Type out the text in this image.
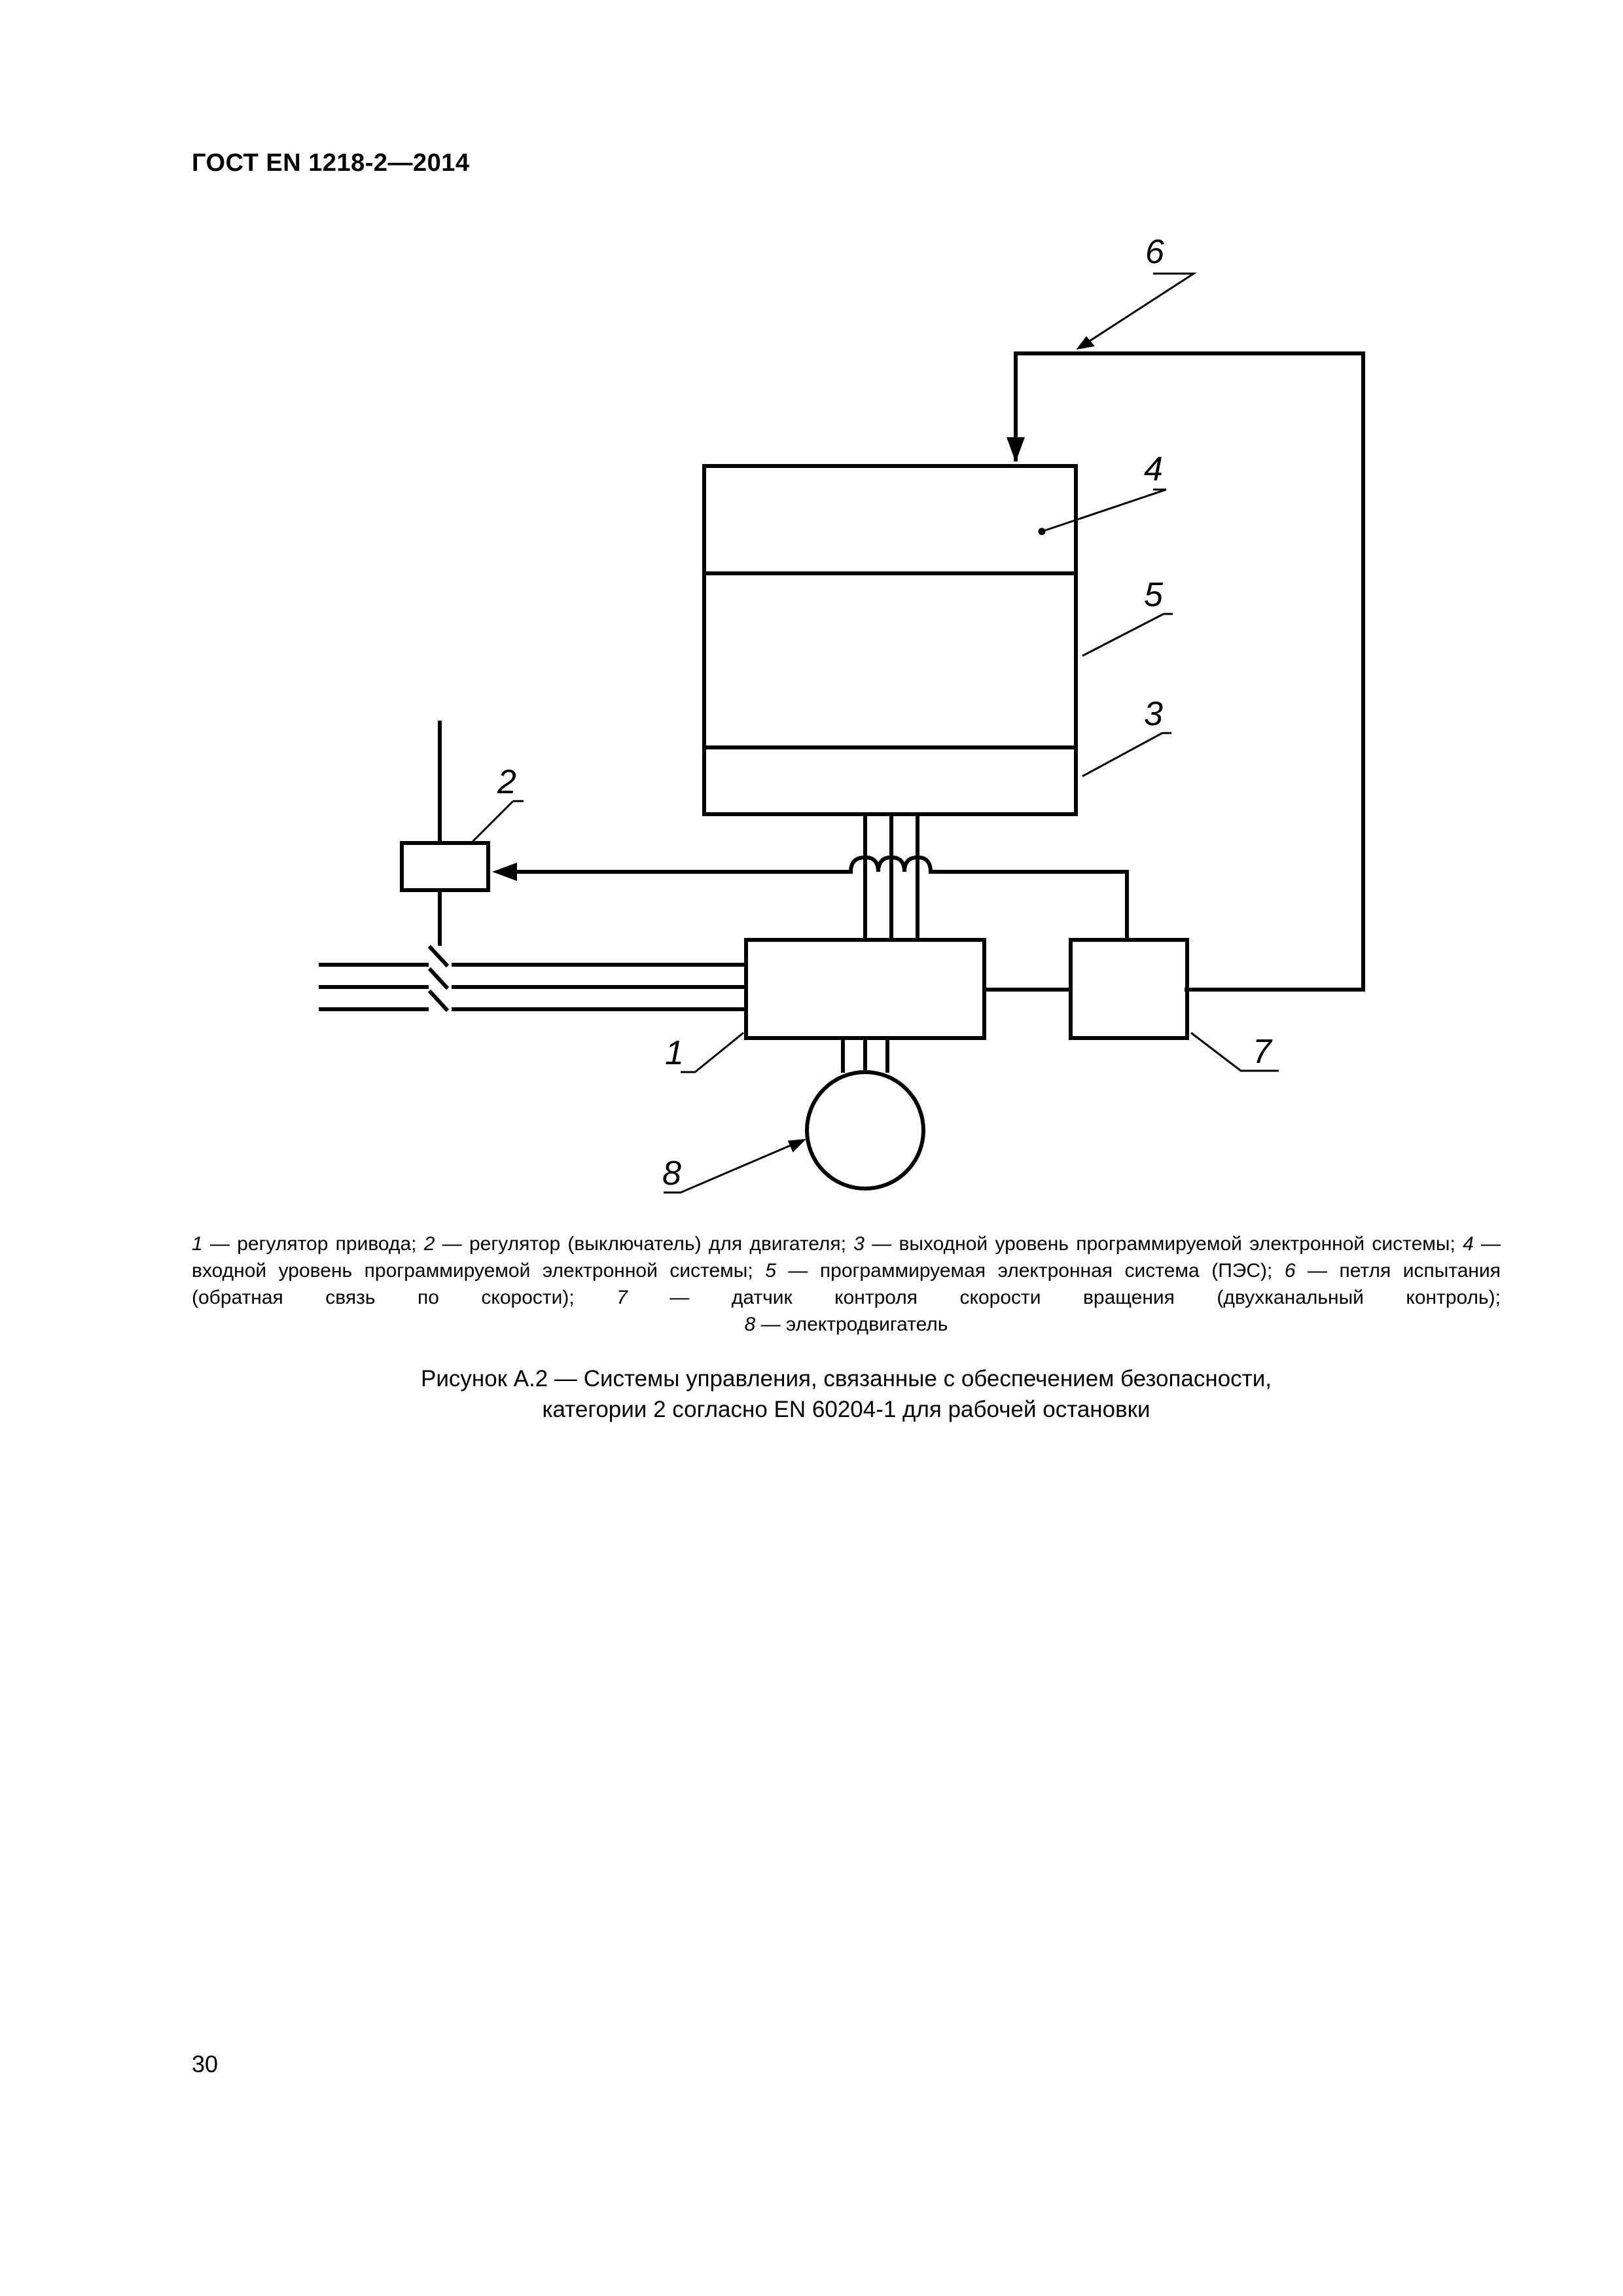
ГОСТ EN 1218-2—2014
6
4
5
3
2
1	7
8

1 — регулятор привода; 2 — регулятор (выключатель) для двигателя; 3 — выходной уровень программируемой электронной системы; 4 — входной уровень программируемой электронной системы; 5 — программируемая электронная система (ПЭС); 6 — петля испытания (обратная связь по скорости); 7 — датчик контроля скорости вращения (двухканальный контроль);

8 — электродвигатель

Рисунок А.2 — Системы управления, связанные с обеспечением безопасности,
категории 2 согласно EN 60204-1 для рабочей остановки
30
